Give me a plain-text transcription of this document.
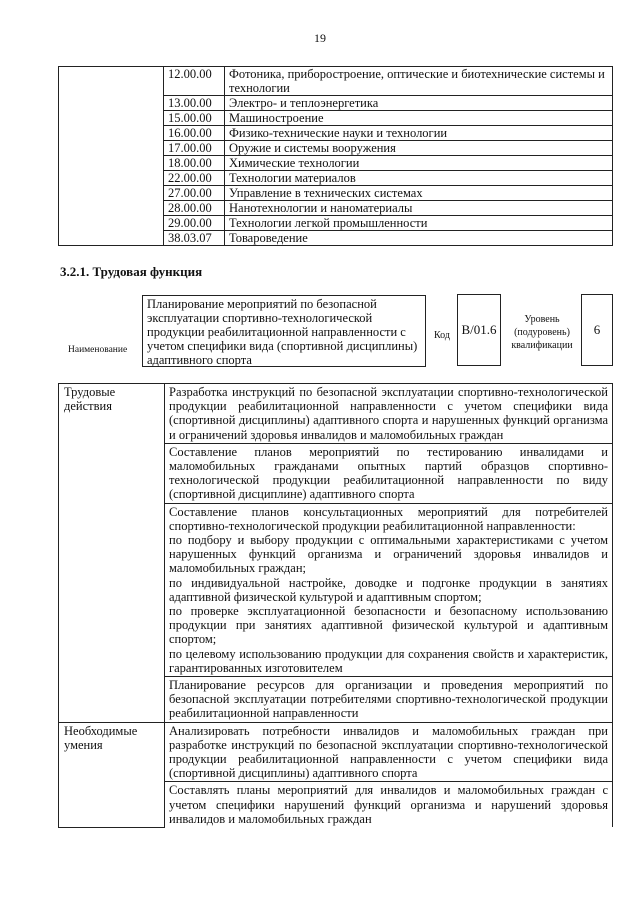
19
	12.00.00	Фотоника, приборостроение, оптические и биотехнические системы и технологии
	13.00.00	Электро- и теплоэнергетика
	15.00.00	Машиностроение
	16.00.00	Физико-технические науки и технологии
	17.00.00	Оружие и системы вооружения
	18.00.00	Химические технологии
	22.00.00	Технологии материалов
	27.00.00	Управление в технических системах
	28.00.00	Нанотехнологии и наноматериалы
	29.00.00	Технологии легкой промышленности
	38.03.07	Товароведение
3.2.1. Трудовая функция
Наименование
Планирование мероприятий по безопасной эксплуатации спортивно-технологической продукции реабилитационной направленности с учетом специфики вида (спортивной дисциплины) адаптивного спорта
Код B/01.6
Уровень (подуровень) квалификации
6
Трудовые действия	Разработка инструкций по безопасной эксплуатации спортивно-технологической продукции реабилитационной направленности с учетом специфики вида (спортивной дисциплины) адаптивного спорта и нарушенных функций организма и ограничений здоровья инвалидов и маломобильных граждан

	Составление планов мероприятий по тестированию инвалидами и маломобильных гражданами опытных партий образцов спортивно-технологической продукции реабилитационной направленности по виду (спортивной дисциплине) адаптивного спорта

	Составление планов консультационных мероприятий для потребителей спортивно-технологической продукции реабилитационной направленности:
по подбору и выбору продукции с оптимальными характеристиками с учетом нарушенных функций организма и ограничений здоровья инвалидов и маломобильных граждан;
по индивидуальной настройке, доводке и подгонке продукции в занятиях адаптивной физической культурой и адаптивным спортом;
по проверке эксплуатационной безопасности и безопасному использованию продукции при занятиях адаптивной физической культурой и адаптивным спортом;
по целевому использованию продукции для сохранения свойств и характеристик, гарантированных изготовителем

	Планирование ресурсов для организации и проведения мероприятий по безопасной эксплуатации потребителями спортивно-технологической продукции реабилитационной направленности

Необходимые умения	Анализировать потребности инвалидов и маломобильных граждан при разработке инструкций по безопасной эксплуатации спортивно-технологической продукции реабилитационной направленности с учетом специфики вида (спортивной дисциплины) адаптивного спорта

	Составлять планы мероприятий для инвалидов и маломобильных граждан с учетом специфики нарушений функций организма и нарушений здоровья инвалидов и маломобильных граждан
